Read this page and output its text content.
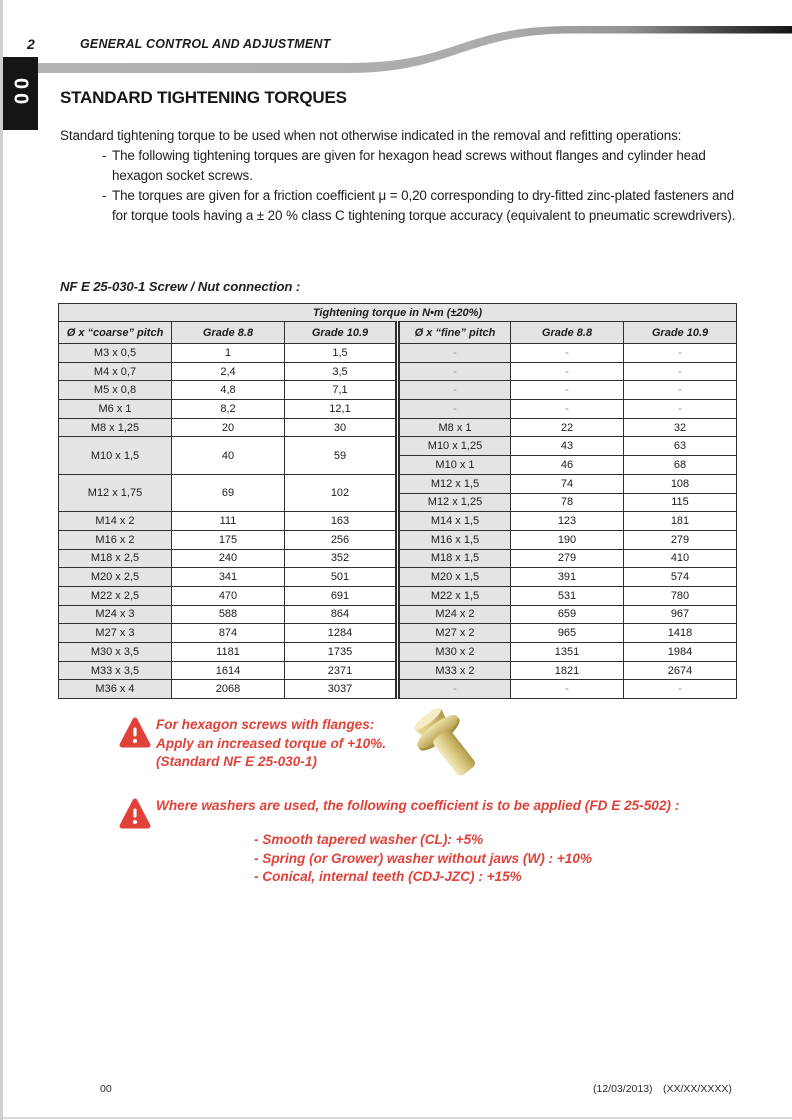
2	GENERAL CONTROL AND ADJUSTMENT
00 STANDARD TIGHTENING TORQUES

Standard tightening torque to be used when not otherwise indicated in the removal and refitting operations:

- The following tightening torques are given for hexagon head screws without flanges and cylinder head hexagon socket screws.
- The torques are given for a friction coefficient μ = 0,20 corresponding to dry-fitted zinc-plated fasteners and for torque tools having a ± 20 % class C tightening torque accuracy (equivalent to pneumatic screwdrivers).
NF E 25-030-1 Screw / Nut connection :
Tightening torque in N•m (±20%)					
Ø x “coarse” pitch	Grade 8.8	Grade 10.9	Ø x “fine” pitch	Grade 8.8	Grade 10.9
M3 x 0,5	1	1,5	-	-	-
M4 x 0,7	2,4	3,5	-	-	-
M5 x 0,8	4,8	7,1	-	-	-
M6 x 1	8,2	12,1	-	-	-
M8 x 1,25	20	30	M8 x 1	22	32
M10 x 1,5	40	59	M10 x 1,25	43	63
			M10 x 1	46	68
M12 x 1,75	69	102	M12 x 1,5	74	108
			M12 x 1,25	78	115
M14 x 2	111	163	M14 x 1,5	123	181
M16 x 2	175	256	M16 x 1,5	190	279
M18 x 2,5	240	352	M18 x 1,5	279	410
M20 x 2,5	341	501	M20 x 1,5	391	574
M22 x 2,5	470	691	M22 x 1,5	531	780
M24 x 3	588	864	M24 x 2	659	967
M27 x 3	874	1284	M27 x 2	965	1418
M30 x 3,5	1181	1735	M30 x 2	1351	1984
M33 x 3,5	1614	2371	M33 x 2	1821	2674
M36 x 4	2068	3037	-	-	-
For hexagon screws with flanges:
Apply an increased torque of +10%.
(Standard NF E 25-030-1)
Where washers are used, the following coefficient is to be applied (FD E 25-502) :
- Smooth tapered washer (CL): +5%
- Spring (or Grower) washer without jaws (W) : +10%
- Conical, internal teeth (CDJ-JZC) : +15%
00	(12/03/2013) (XX/XX/XXXX)
